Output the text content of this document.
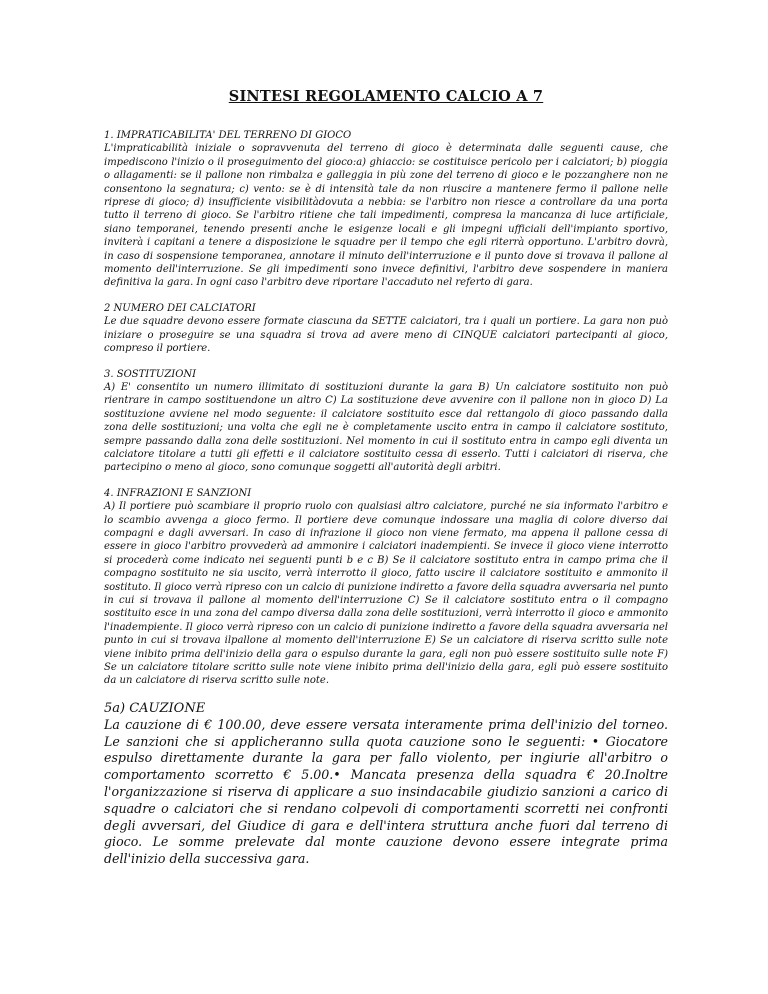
SINTESI REGOLAMENTO CALCIO A 7

1. IMPRATICABILITA' DEL TERRENO DI GIOCO

L'impraticabilità iniziale o sopravvenuta del terreno di gioco è determinata dalle seguenti cause, che impediscono l'inizio o il proseguimento del gioco:a) ghiaccio: se costituisce pericolo per i calciatori; b) pioggia o allagamenti: se il pallone non rimbalza e galleggia in più zone del terreno di gioco e le pozzanghere non ne consentono la segnatura; c) vento: se è di intensità tale da non riuscire a mantenere fermo il pallone nelle riprese di gioco; d) insufficiente visibilitàdovuta a nebbia: se l'arbitro non riesce a controllare da una porta tutto il terreno di gioco. Se l'arbitro ritiene che tali impedimenti, compresa la mancanza di luce artificiale, siano temporanei, tenendo presenti anche le esigenze locali e gli impegni ufficiali dell'impianto sportivo, inviterà i capitani a tenere a disposizione le squadre per il tempo che egli riterrà opportuno. L'arbitro dovrà, in caso di sospensione temporanea, annotare il minuto dell'interruzione e il punto dove si trovava il pallone al momento dell'interruzione. Se gli impedimenti sono invece definitivi, l'arbitro deve sospendere in maniera definitiva la gara. In ogni caso l'arbitro deve riportare l'accaduto nel referto di gara.

2 NUMERO DEI CALCIATORI

Le due squadre devono essere formate ciascuna da SETTE calciatori, tra i quali un portiere. La gara non può iniziare o proseguire se una squadra si trova ad avere meno di CINQUE calciatori partecipanti al gioco, compreso il portiere.

3. SOSTITUZIONI

A) E' consentito un numero illimitato di sostituzioni durante la gara B) Un calciatore sostituito non può rientrare in campo sostituendone un altro C) La sostituzione deve avvenire con il pallone non in gioco D) La sostituzione avviene nel modo seguente: il calciatore sostituito esce dal rettangolo di gioco passando dalla zona delle sostituzioni; una volta che egli ne è completamente uscito entra in campo il calciatore sostituto, sempre passando dalla zona delle sostituzioni. Nel momento in cui il sostituto entra in campo egli diventa un calciatore titolare a tutti gli effetti e il calciatore sostituito cessa di esserlo. Tutti i calciatori di riserva, che partecipino o meno al gioco, sono comunque soggetti all'autorità degli arbitri.

4. INFRAZIONI E SANZIONI

A) Il portiere può scambiare il proprio ruolo con qualsiasi altro calciatore, purché ne sia informato l'arbitro e lo scambio avvenga a gioco fermo. Il portiere deve comunque indossare una maglia di colore diverso dai compagni e dagli avversari. In caso di infrazione il gioco non viene fermato, ma appena il pallone cessa di essere in gioco l'arbitro provvederà ad ammonire i calciatori inadempienti. Se invece il gioco viene interrotto si procederà come indicato nei seguenti punti b e c B) Se il calciatore sostituto entra in campo prima che il compagno sostituito ne sia uscito, verrà interrotto il gioco, fatto uscire il calciatore sostituito e ammonito il sostituto. Il gioco verrà ripreso con un calcio di punizione indiretto a favore della squadra avversaria nel punto in cui si trovava il pallone al momento dell'interruzione C) Se il calciatore sostituto entra o il compagno sostituito esce in una zona del campo diversa dalla zona delle sostituzioni, verrà interrotto il gioco e ammonito l'inadempiente. Il gioco verrà ripreso con un calcio di punizione indiretto a favore della squadra avversaria nel punto in cui si trovava ilpallone al momento dell'interruzione E) Se un calciatore di riserva scritto sulle note viene inibito prima dell'inizio della gara o espulso durante la gara, egli non può essere sostituito sulle note F) Se un calciatore titolare scritto sulle note viene inibito prima dell'inizio della gara, egli può essere sostituito da un calciatore di riserva scritto sulle note.

5a) CAUZIONE

La cauzione di € 100.00, deve essere versata interamente prima dell'inizio del torneo. Le sanzioni che si applicheranno sulla quota cauzione sono le seguenti: • Giocatore espulso direttamente durante la gara per fallo violento, per ingiurie all'arbitro o comportamento scorretto € 5.00.• Mancata presenza della squadra € 20.Inoltre l'organizzazione si riserva di applicare a suo insindacabile giudizio sanzioni a carico di squadre o calciatori che si rendano colpevoli di comportamenti scorretti nei confronti degli avversari, del Giudice di gara e dell'intera struttura anche fuori dal terreno di gioco. Le somme prelevate dal monte cauzione devono essere integrate prima dell'inizio della successiva gara.
